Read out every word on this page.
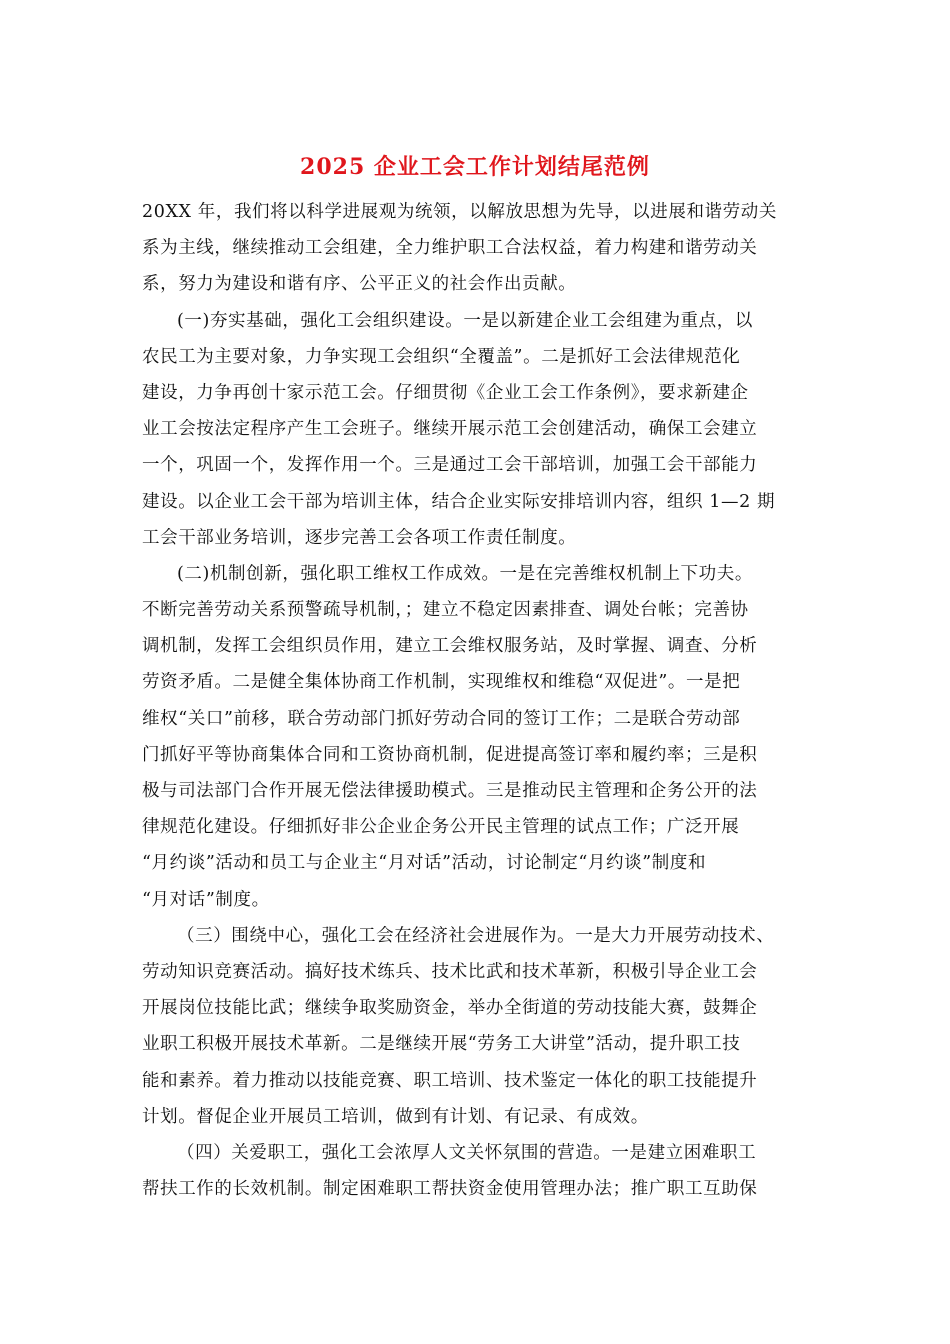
2025 企业工会工作计划结尾范例
20XX 年，我们将以科学进展观为统领，以解放思想为先导，以进展和谐劳动关
系为主线，继续推动工会组建，全力维护职工合法权益，着力构建和谐劳动关
系，努力为建设和谐有序、公平正义的社会作出贡献。
(一)夯实基础，强化工会组织建设。一是以新建企业工会组建为重点，以
农民工为主要对象，力争实现工会组织“全覆盖”。二是抓好工会法律规范化
建设，力争再创十家示范工会。仔细贯彻《企业工会工作条例》，要求新建企
业工会按法定程序产生工会班子。继续开展示范工会创建活动，确保工会建立
一个，巩固一个，发挥作用一个。三是通过工会干部培训，加强工会干部能力
建设。以企业工会干部为培训主体，结合企业实际安排培训内容，组织 1—2 期
工会干部业务培训，逐步完善工会各项工作责任制度。
(二)机制创新，强化职工维权工作成效。一是在完善维权机制上下功夫。
不断完善劳动关系预警疏导机制，；建立不稳定因素排查、调处台帐；完善协
调机制，发挥工会组织员作用，建立工会维权服务站，及时掌握、调查、分析
劳资矛盾。二是健全集体协商工作机制，实现维权和维稳“双促进”。一是把
维权“关口”前移，联合劳动部门抓好劳动合同的签订工作；二是联合劳动部
门抓好平等协商集体合同和工资协商机制，促进提高签订率和履约率；三是积
极与司法部门合作开展无偿法律援助模式。三是推动民主管理和企务公开的法
律规范化建设。仔细抓好非公企业企务公开民主管理的试点工作；广泛开展
“月约谈”活动和员工与企业主“月对话”活动，讨论制定“月约谈”制度和
“月对话”制度。
（三）围绕中心，强化工会在经济社会进展作为。一是大力开展劳动技术、
劳动知识竞赛活动。搞好技术练兵、技术比武和技术革新，积极引导企业工会
开展岗位技能比武；继续争取奖励资金，举办全街道的劳动技能大赛，鼓舞企
业职工积极开展技术革新。二是继续开展“劳务工大讲堂”活动，提升职工技
能和素养。着力推动以技能竞赛、职工培训、技术鉴定一体化的职工技能提升
计划。督促企业开展员工培训，做到有计划、有记录、有成效。
（四）关爱职工，强化工会浓厚人文关怀氛围的营造。一是建立困难职工
帮扶工作的长效机制。制定困难职工帮扶资金使用管理办法；推广职工互助保
